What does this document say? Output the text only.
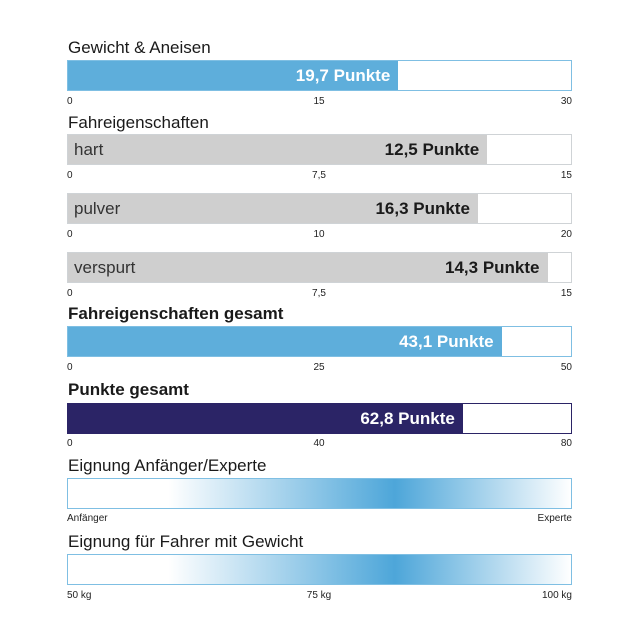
Gewicht & Aneisen
19,7 Punkte
0	15	30
Fahreigenschaften
hart	12,5 Punkte
0	7,5	15
pulver	16,3 Punkte
0	10	20
verspurt	14,3 Punkte
0	7,5	15
Fahreigenschaften gesamt
43,1 Punkte
0	25	50
Punkte gesamt
62,8 Punkte
0	40	80
Eignung Anfänger/Experte
Anfänger	Experte
Eignung für Fahrer mit Gewicht
50 kg	75 kg	100 kg
